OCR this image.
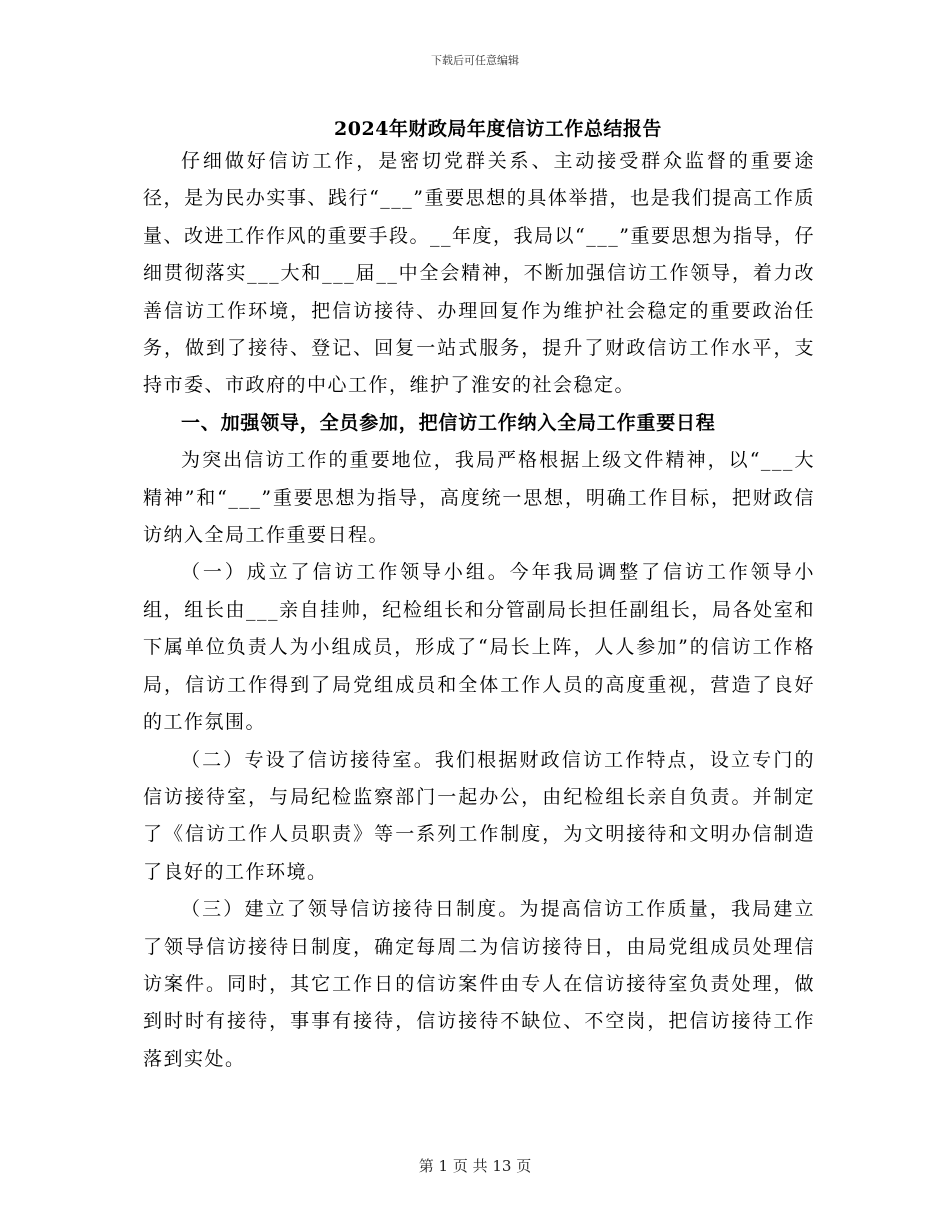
下载后可任意编辑
2024年财政局年度信访工作总结报告

仔细做好信访工作，是密切党群关系、主动接受群众监督的重要途径，是为民办实事、践行“___”重要思想的具体举措，也是我们提高工作质量、改进工作作风的重要手段。__年度，我局以“___”重要思想为指导，仔细贯彻落实___大和___届__中全会精神，不断加强信访工作领导，着力改善信访工作环境，把信访接待、办理回复作为维护社会稳定的重要政治任务，做到了接待、登记、回复一站式服务，提升了财政信访工作水平，支持市委、市政府的中心工作，维护了淮安的社会稳定。

一、加强领导，全员参加，把信访工作纳入全局工作重要日程

为突出信访工作的重要地位，我局严格根据上级文件精神，以“___大精神”和“___”重要思想为指导，高度统一思想，明确工作目标，把财政信访纳入全局工作重要日程。

（一）成立了信访工作领导小组。今年我局调整了信访工作领导小组，组长由___亲自挂帅，纪检组长和分管副局长担任副组长，局各处室和下属单位负责人为小组成员，形成了“局长上阵，人人参加”的信访工作格局，信访工作得到了局党组成员和全体工作人员的高度重视，营造了良好的工作氛围。

（二）专设了信访接待室。我们根据财政信访工作特点，设立专门的信访接待室，与局纪检监察部门一起办公，由纪检组长亲自负责。并制定了《信访工作人员职责》等一系列工作制度，为文明接待和文明办信制造了良好的工作环境。

（三）建立了领导信访接待日制度。为提高信访工作质量，我局建立了领导信访接待日制度，确定每周二为信访接待日，由局党组成员处理信访案件。同时，其它工作日的信访案件由专人在信访接待室负责处理，做到时时有接待，事事有接待，信访接待不缺位、不空岗，把信访接待工作落到实处。

第 1 页 共 13 页
